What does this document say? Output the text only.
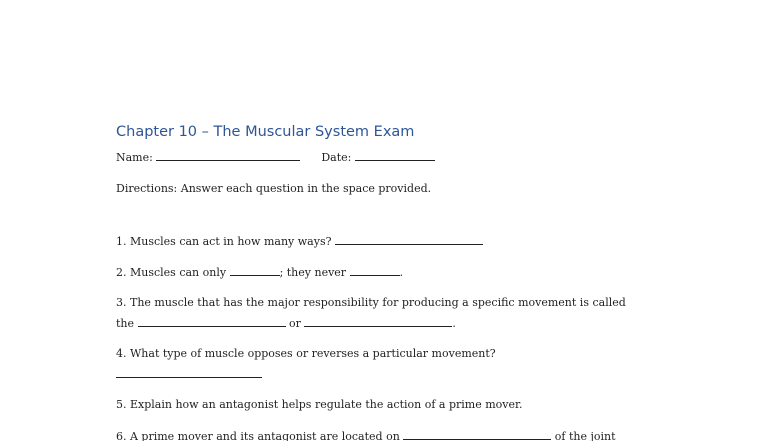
Chapter 10 – The Muscular System Exam
Name:	Date:
Directions: Answer each question in the space provided.
1. Muscles can act in how many ways?
2. Muscles can only	; they never	.
3. The muscle that has the major responsibility for producing a specific movement is called
the	or	.
4. What type of muscle opposes or reverses a particular movement?
5. Explain how an antagonist helps regulate the action of a prime mover.
6. A prime mover and its antagonist are located on	of the joint
